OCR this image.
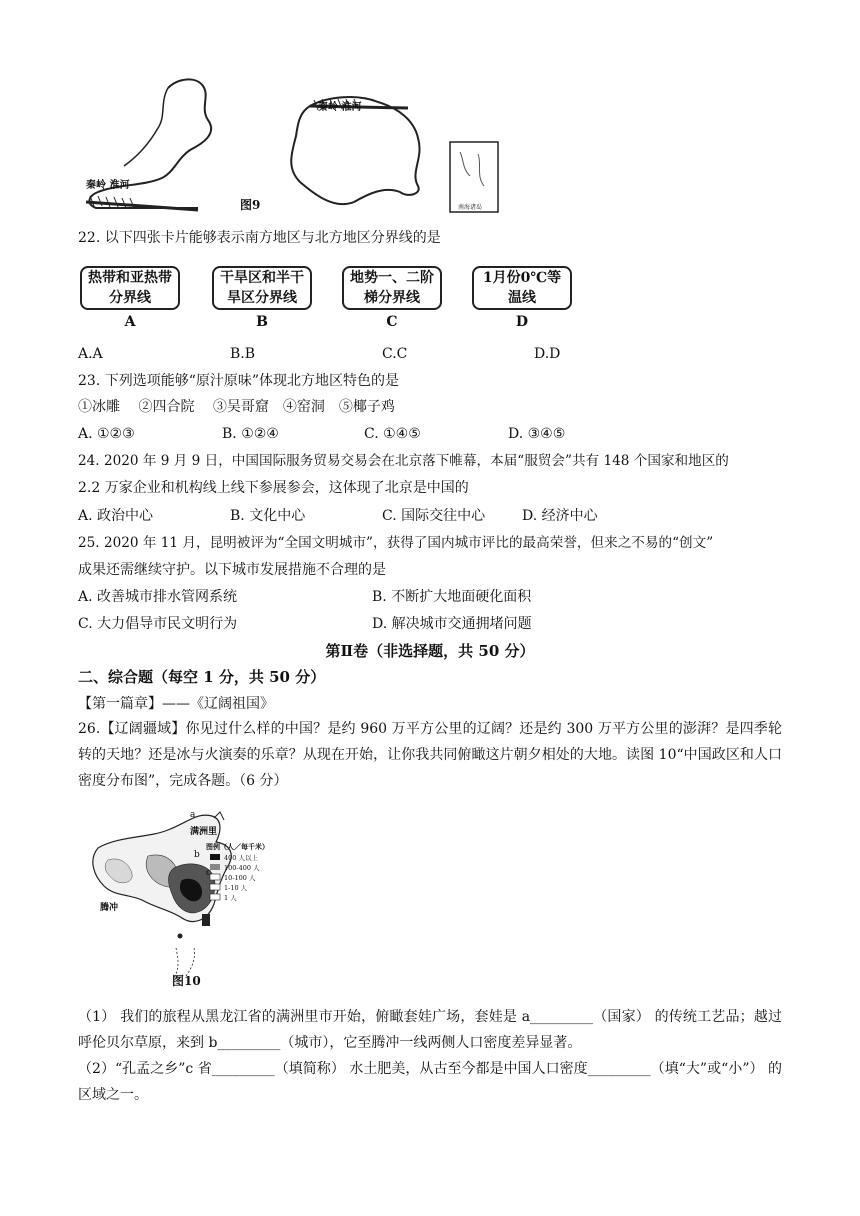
秦岭 淮河
秦岭 淮河
图9	南海诸岛
22. 以下四张卡片能够表示南方地区与北方地区分界线的是
热带和亚热带分界线
干旱区和半干旱区分界线
地势一、二阶梯分界线
1月份0℃等温线
A	B	C	D
A.A	B.B	C.C	D.D
23. 下列选项能够“原汁原味”体现北方地区特色的是
①冰雕　 ②四合院　 ③吴哥窟　④窑洞　⑤椰子鸡
A. ①②③	B. ①②④	C. ①④⑤	D. ③④⑤
24. 2020 年 9 月 9 日，中国国际服务贸易交易会在北京落下帷幕，本届“服贸会”共有 148 个国家和地区的
2.2 万家企业和机构线上线下参展参会，这体现了北京是中国的
A. 政治中心	B. 文化中心	C. 国际交往中心	D. 经济中心
25. 2020 年 11 月，昆明被评为“全国文明城市”，获得了国内城市评比的最高荣誉，但来之不易的“创文”
成果还需继续守护。以下城市发展措施不合理的是
A. 改善城市排水管网系统	B. 不断扩大地面硬化面积
C. 大力倡导市民文明行为	D. 解决城市交通拥堵问题
第Ⅱ卷（非选择题，共 50 分）
二、综合题（每空 1 分，共 50 分）
【第一篇章】——《辽阔祖国》
26.【辽阔疆域】你见过什么样的中国？是约 960 万平方公里的辽阔？还是约 300 万平方公里的澎湃？是四季轮转的天地？还是冰与火演奏的乐章？从现在开始，让你我共同俯瞰这片朝夕相处的大地。读图 10“中国政区和人口密度分布图”，完成各题。（6 分）
a
满洲里
b
c
腾冲
图例（人／每千米）
400 人以上
100-400 人
10-100 人
1-10 人
1 人
图10
（1） 我们的旅程从黑龙江省的满洲里市开始，俯瞰套娃广场，套娃是 a_________（国家） 的传统工艺品；越过呼伦贝尔草原，来到 b_________（城市），它至腾冲一线两侧人口密度差异显著。
（2）“孔孟之乡”c 省_________（填简称） 水土肥美，从古至今都是中国人口密度_________（填“大”或“小”） 的区域之一。
